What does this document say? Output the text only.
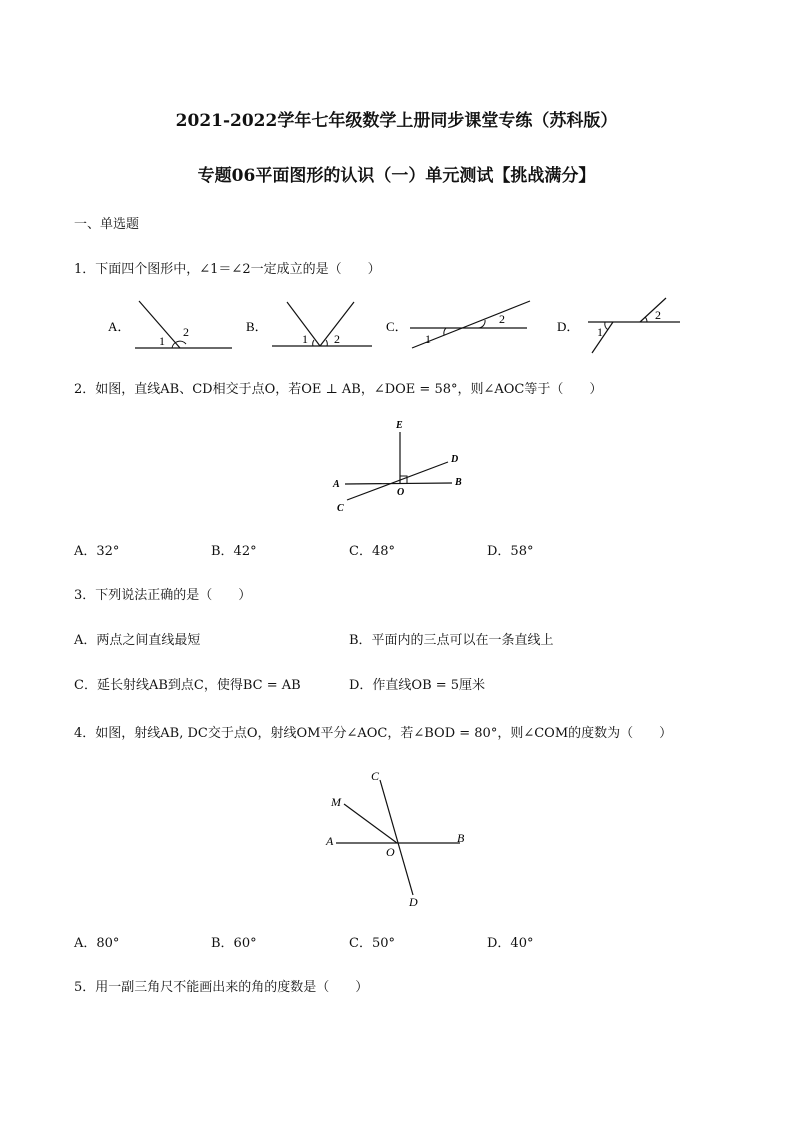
2021-2022学年七年级数学上册同步课堂专练（苏科版）
专题06平面图形的认识（一）单元测试【挑战满分】
一、单选题
1．下面四个图形中，∠1＝∠2一定成立的是（　　）
A．
1
2	B．
1 2
C．
1
2	D． 1
2
2．如图，直线AB、CD相交于点O，若OE ⊥ AB，∠DOE = 58°，则∠AOC等于（　　）
E
D
A
O
B
C
A．32°	B．42°	C．48°	D．58°
3．下列说法正确的是（　　）
A．两点之间直线最短	B．平面内的三点可以在一条直线上
C．延长射线AB到点C，使得BC = AB	D．作直线OB = 5厘米
4．如图，射线AB, DC交于点O，射线OM平分∠AOC，若∠BOD = 80°，则∠COM的度数为（　　）
C
M
A
O
B
D
A．80°	B．60°	C．50°	D．40°
5．用一副三角尺不能画出来的角的度数是（　　）
